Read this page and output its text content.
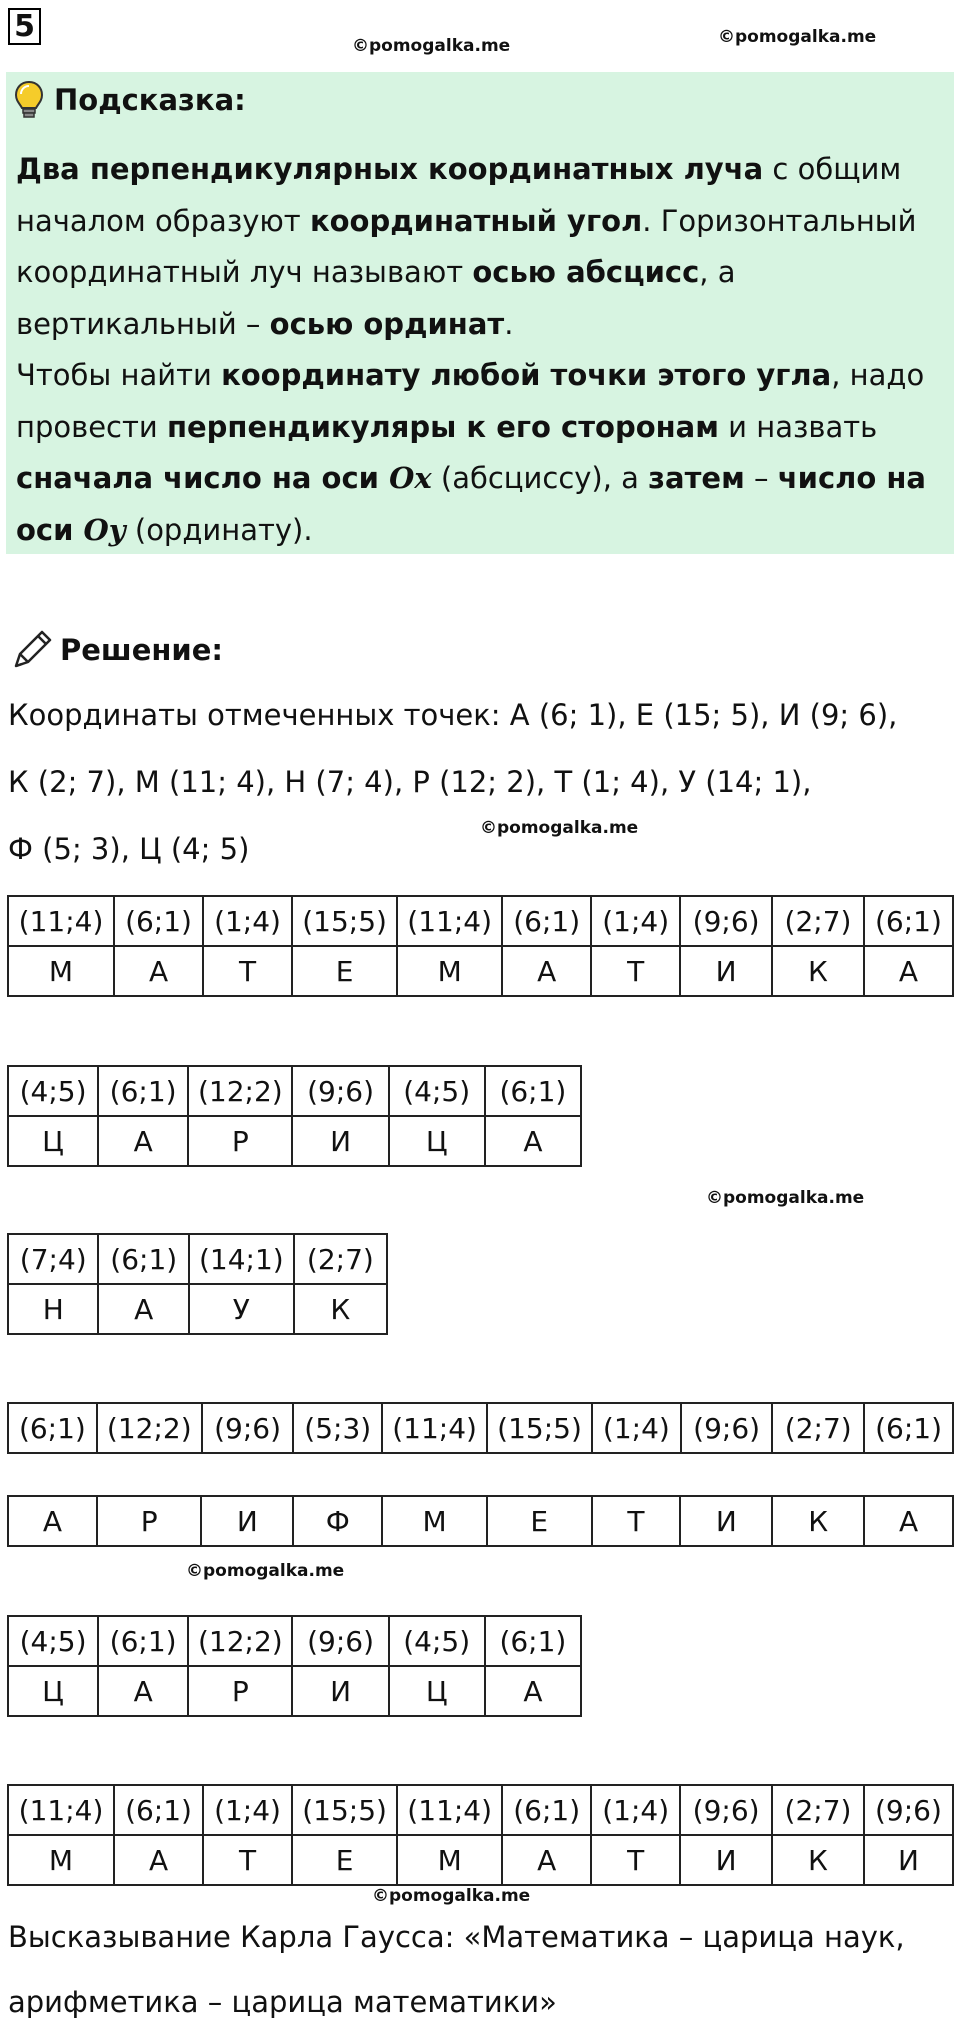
5
©pomogalka.me	©pomogalka.me
Подсказка:
Два перпендикулярных координатных луча с общим началом образуют координатный угол. Горизонтальный координатный луч называют осью абсцисс, а вертикальный – осью ординат.
Чтобы найти координату любой точки этого угла, надо провести перпендикуляры к его сторонам и назвать сначала число на оси Ox (абсциссу), а затем – число на оси Oy (ординату).
Решение:
Координаты отмеченных точек: А (6; 1), Е (15; 5), И (9; 6),
К (2; 7), М (11; 4), Н (7; 4), Р (12; 2), Т (1; 4), У (14; 1),
©pomogalka.me
Ф (5; 3), Ц (4; 5)
(11;4)	(6;1)	(1;4)	(15;5)	(11;4)	(6;1)	(1;4)	(9;6)	(2;7)	(6;1)
М	А	Т	Е	М	А	Т	И	К	А
(4;5)	(6;1)	(12;2)	(9;6)	(4;5)	(6;1)
Ц	А	Р	И	Ц	А
©pomogalka.me
(7;4)	(6;1)	(14;1)	(2;7)
Н	А	У	К
(6;1)	(12;2)	(9;6)	(5;3)	(11;4)	(15;5)	(1;4)	(9;6)	(2;7)	(6;1)
А	Р	И	Ф	М	Е	Т	И	К	А
©pomogalka.me
(4;5)	(6;1)	(12;2)	(9;6)	(4;5)	(6;1)
Ц	А	Р	И	Ц	А
(11;4)	(6;1)	(1;4)	(15;5)	(11;4)	(6;1)	(1;4)	(9;6)	(2;7)	(9;6)
М	А	Т	Е	М	А	Т	И	К	И
©pomogalka.me
Высказывание Карла Гаусса: «Математика – царица наук,
арифметика – царица математики»
